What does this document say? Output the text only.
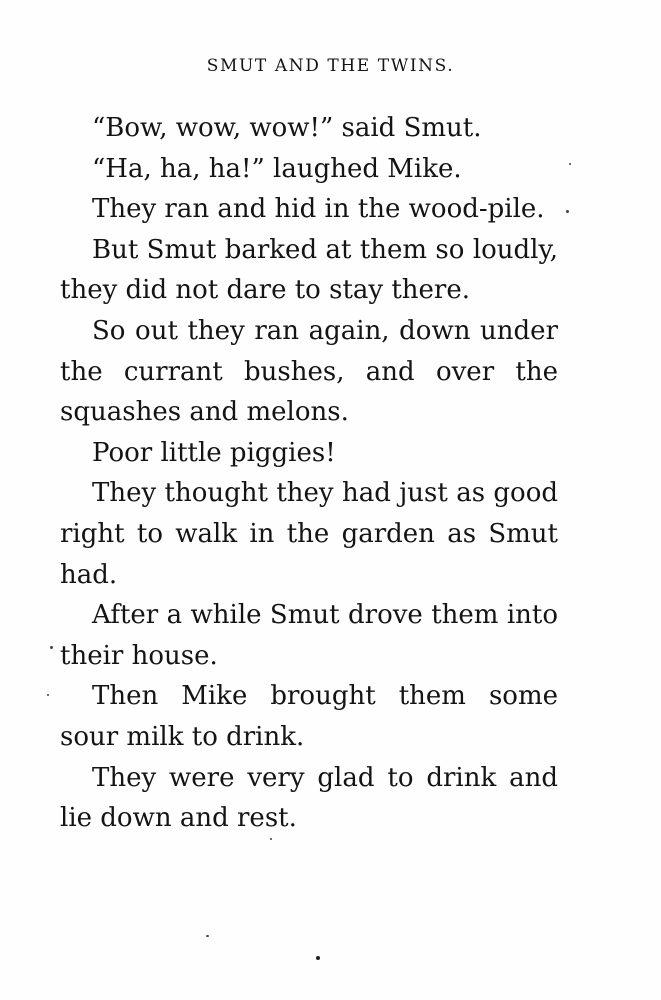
SMUT AND THE TWINS.

“Bow, wow, wow!” said Smut.

“Ha, ha, ha!” laughed Mike.

They ran and hid in the wood-pile.

But Smut barked at them so loudly, they did not dare to stay there.

So out they ran again, down under the currant bushes, and over the squashes and melons.

Poor little piggies!

They thought they had just as good right to walk in the garden as Smut had.

After a while Smut drove them into their house.

Then Mike brought them some sour milk to drink.

They were very glad to drink and lie down and rest.
